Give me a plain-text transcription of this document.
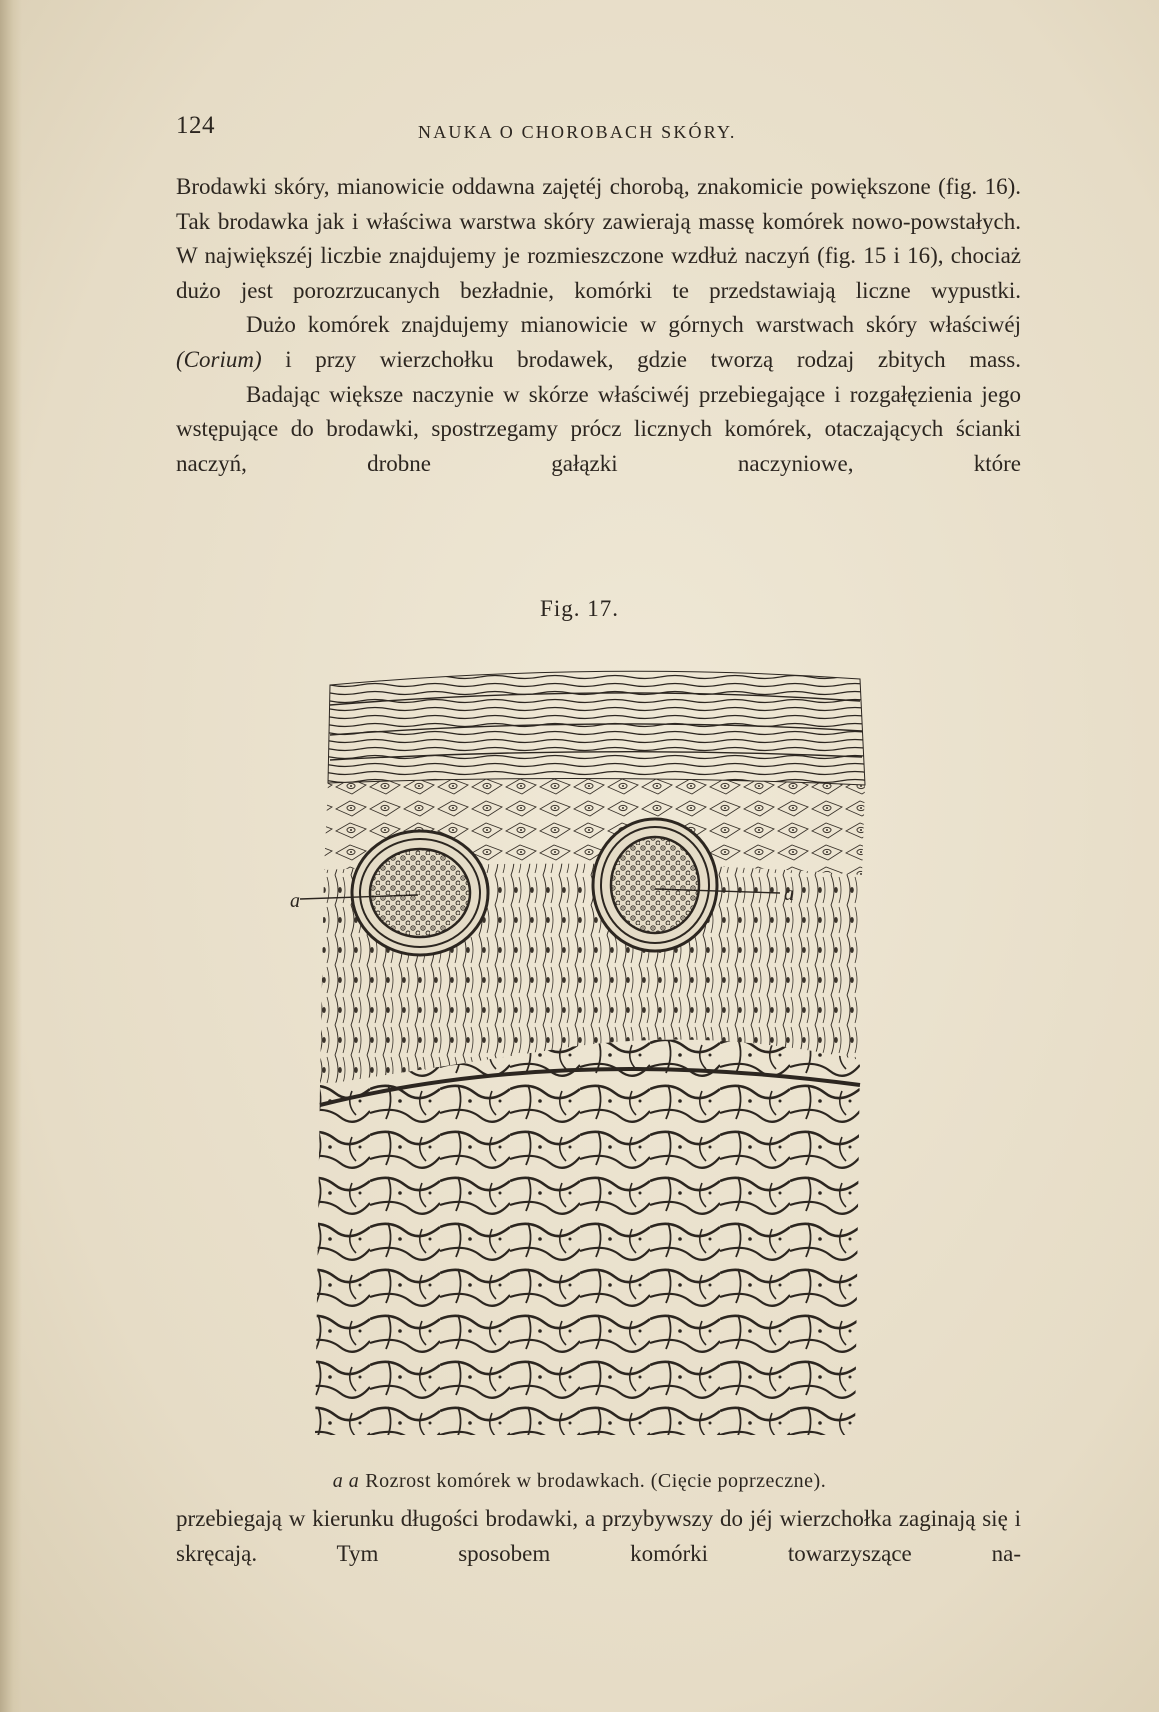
124	NAUKA O CHOROBACH SKÓRY.

Brodawki skóry, mianowicie oddawna zajętéj chorobą, znakomicie powiększone (fig. 16). Tak brodawka jak i właściwa warstwa skóry zawierają massę komórek nowo-powstałych. W największéj liczbie znajdujemy je rozmieszczone wzdłuż naczyń (fig. 15 i 16), chociaż dużo jest porozrzucanych bezładnie, komórki te przedstawiają liczne wypustki.

Dużo komórek znajdujemy mianowicie w górnych warstwach skóry właściwéj (Corium) i przy wierzchołku brodawek, gdzie tworzą rodzaj zbitych mass.

Badając większe naczynie w skórze właściwéj przebiegające i rozgałęzienia jego wstępujące do brodawki, spostrzegamy prócz licznych komórek, otaczających ścianki naczyń, drobne gałązki naczyniowe, które

Fig. 17.
a	a
a a Rozrost komórek w brodawkach. (Cięcie poprzeczne).

przebiegają w kierunku długości brodawki, a przybywszy do jéj wierzchołka zaginają się i skręcają. Tym sposobem komórki towarzyszące na-
